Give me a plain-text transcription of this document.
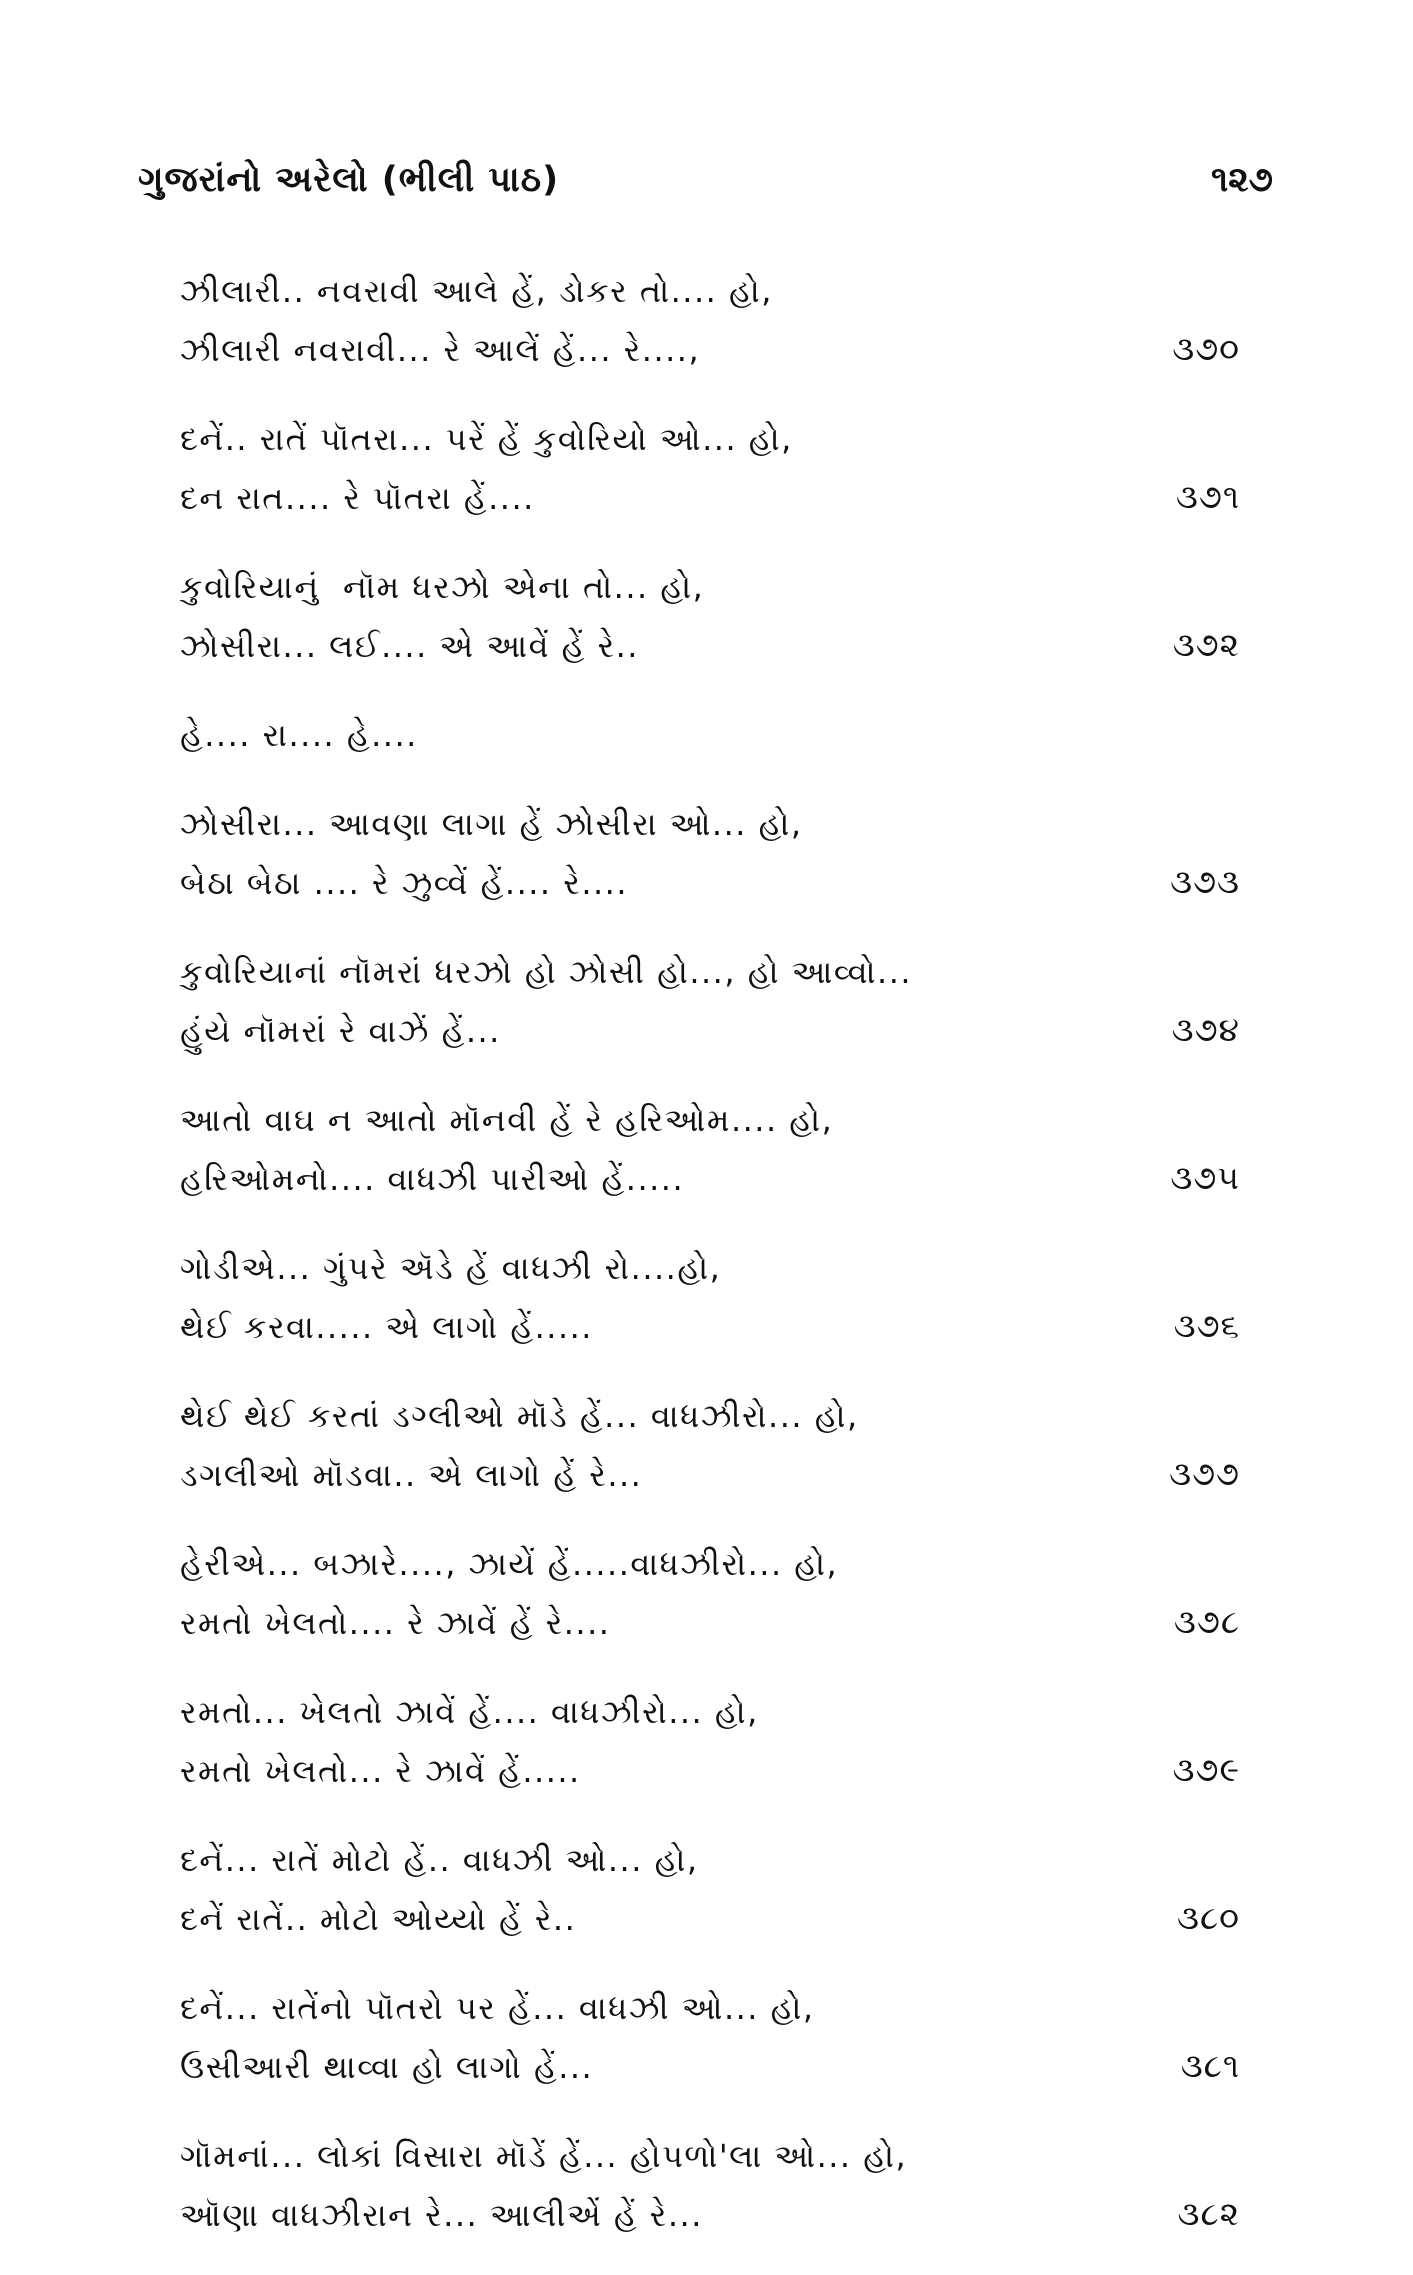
ગુજરાંનો અરેલો (ભીલી પાઠ)	૧૨૭
ઝીલારી.. નવરાવી આલે હેં, ડોકર તો.... હો,
ઝીલારી નવરાવી... રે આલેં હેં... રે....,	૩૭૦
દનેં.. રાતેં પૉતરા... પરેં હેં કુવોરિયો ઓ... હો,
દન રાત.... રે પૉતરા હેં....	૩૭૧
કુવોરિયાનું  નૉમ ધરઝો એના તો... હો,
ઝોસીરા... લઈ.... એ આવેં હેં રે..	૩૭૨
હે.... રા.... હે....
ઝોસીરા... આવણા લાગા હેં ઝોસીરા ઓ... હો,
બેઠા બેઠા .... રે ઝુવ્વેં હેં.... રે....	૩૭૩
કુવોરિયાનાં નૉમરાં ધરઝો હો ઝોસી હો..., હો આવ્વો...
હુંયે નૉમરાં રે વાઝેં હેં...	૩૭૪
આતો વાઘ ન આતો મૉનવી હેં રે હરિઓમ.... હો,
હરિઓમનો.... વાધઝી પારીઓ હેં.....	૩૭૫
ગોડીએ... ગુંપરે ઍડે હેં વાધઝી રો....હો,
થેઈ કરવા..... એ લાગો હેં.....	૩૭૬
થેઈ થેઈ કરતાં ડગ્લીઓ મૉડે હેં... વાધઝીરો... હો,
ડગલીઓ મૉડવા.. એ લાગો હેં રે...	૩૭૭
હેરીએ... બઝારે...., ઝાયેં હેં.....વાધઝીરો... હો,
રમતો ખેલતો.... રે ઝાવેં હેં રે....	૩૭૮
રમતો... ખેલતો ઝાવેં હેં.... વાધઝીરો... હો,
રમતો ખેલતો... રે ઝાવેં હેં.....	૩૭૯
દનેં... રાતેં મોટો હેં.. વાધઝી ઓ... હો,
દનેં રાતેં.. મોટો ઓય્યો હેં રે..	૩૮૦
દનેં... રાતેંનો પૉતરો પર હેં... વાધઝી ઓ... હો,
ઉસીઆરી થાવ્વા હો લાગો હેં...	૩૮૧
ગૉમનાં... લોકાં વિસારા મૉડેં હેં... હોપળો'લા ઓ... હો,
ઑણા વાધઝીરાન રે... આલીએં હેં રે...	૩૮૨
